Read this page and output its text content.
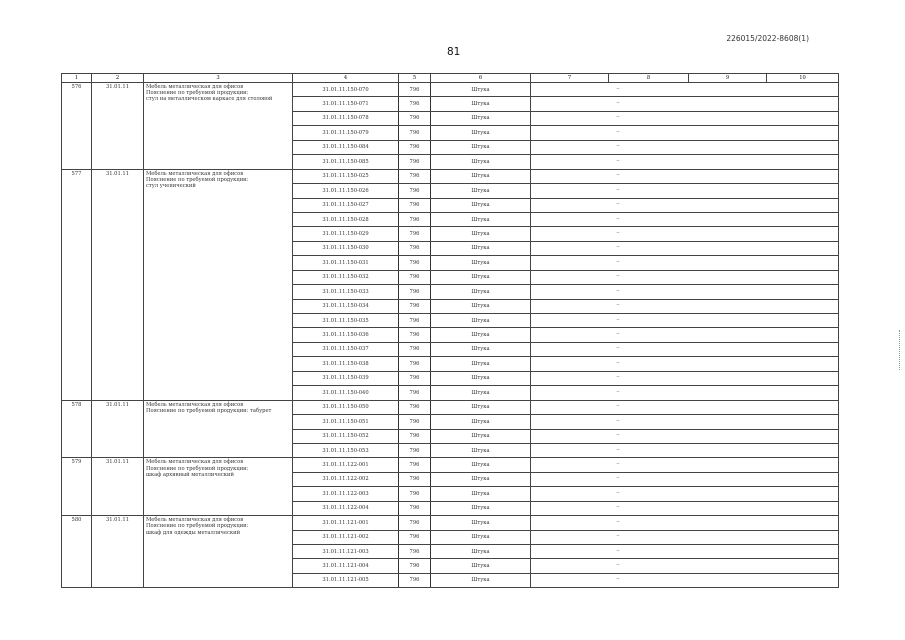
226015/2022-8608(1)
81
1	2	3	4	5	6	7	8	9	10
576	31.01.11	Мебель металлическая для офисов
Пояснение по требуемой продукции:
стул на металлическом каркасе для столовой	31.01.11.150-070	796	Штука		--		
			31.01.11.150-071	796	Штука		--		
			31.01.11.150-078	796	Штука		--		
			31.01.11.150-079	796	Штука		--		
			31.01.11.150-084	796	Штука		--		
			31.01.11.150-085	796	Штука		--		
577	31.01.11	Мебель металлическая для офисов
Пояснение по требуемой продукции:
стул ученический	31.01.11.150-025	796	Штука		--		
			31.01.11.150-026	796	Штука		--		
			31.01.11.150-027	796	Штука		--		
			31.01.11.150-028	796	Штука		--		
			31.01.11.150-029	796	Штука		--		
			31.01.11.150-030	796	Штука		--		
			31.01.11.150-031	796	Штука		--		
			31.01.11.150-032	796	Штука		--		
			31.01.11.150-033	796	Штука		--		
			31.01.11.150-034	796	Штука		--		
			31.01.11.150-035	796	Штука		--		
			31.01.11.150-036	796	Штука		--		
			31.01.11.150-037	796	Штука		--		
			31.01.11.150-038	796	Штука		--		
			31.01.11.150-039	796	Штука		--		
			31.01.11.150-040	796	Штука		--		
578	31.01.11	Мебель металлическая для офисов
Пояснение по требуемой продукции: табурет	31.01.11.150-050	796	Штука		--		
			31.01.11.150-051	796	Штука		--		
			31.01.11.150-052	796	Штука		--		
			31.01.11.150-053	796	Штука		--		
579	31.01.11	Мебель металлическая для офисов
Пояснение по требуемой продукции:
шкаф архивный металлический	31.01.11.122-001	796	Штука		--		
			31.01.11.122-002	796	Штука		--		
			31.01.11.122-003	796	Штука		--		
			31.01.11.122-004	796	Штука		--		
580	31.01.11	Мебель металлическая для офисов
Пояснение по требуемой продукции:
шкаф для одежды металлический	31.01.11.121-001	796	Штука		--		
			31.01.11.121-002	796	Штука		--		
			31.01.11.121-003	796	Штука		--		
			31.01.11.121-004	796	Штука		--		
			31.01.11.121-005	796	Штука		--		
